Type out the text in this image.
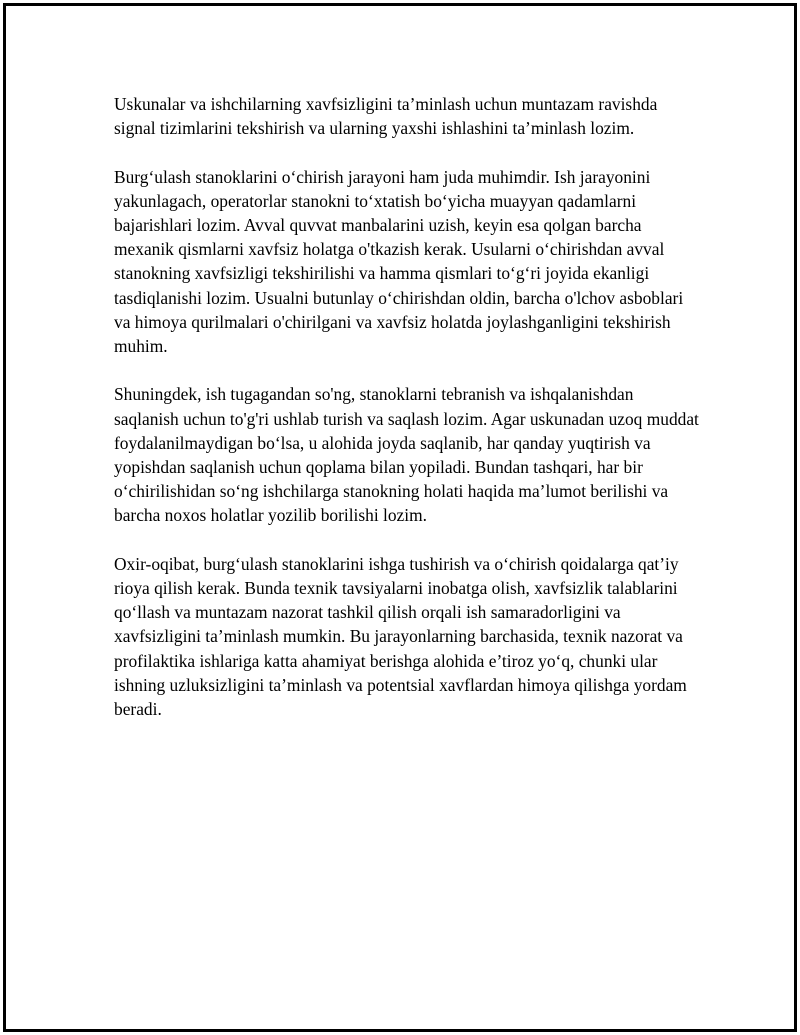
Uskunalar va ishchilarning xavfsizligini ta’minlash uchun muntazam ravishda signal tizimlarini tekshirish va ularning yaxshi ishlashini ta’minlash lozim.

Burg‘ulash stanoklarini o‘chirish jarayoni ham juda muhimdir. Ish jarayonini yakunlagach, operatorlar stanokni to‘xtatish bo‘yicha muayyan qadamlarni bajarishlari lozim. Avval quvvat manbalarini uzish, keyin esa qolgan barcha mexanik qismlarni xavfsiz holatga o'tkazish kerak. Usularni o‘chirishdan avval stanokning xavfsizligi tekshirilishi va hamma qismlari to‘g‘ri joyida ekanligi tasdiqlanishi lozim. Usualni butunlay o‘chirishdan oldin, barcha o'lchov asboblari va himoya qurilmalari o'chirilgani va xavfsiz holatda joylashganligini tekshirish muhim.

Shuningdek, ish tugagandan so'ng, stanoklarni tebranish va ishqalanishdan saqlanish uchun to'g'ri ushlab turish va saqlash lozim. Agar uskunadan uzoq muddat foydalanilmaydigan bo‘lsa, u alohida joyda saqlanib, har qanday yuqtirish va yopishdan saqlanish uchun qoplama bilan yopiladi. Bundan tashqari, har bir o‘chirilishidan so‘ng ishchilarga stanokning holati haqida ma’lumot berilishi va barcha noxos holatlar yozilib borilishi lozim.

Oxir-oqibat, burg‘ulash stanoklarini ishga tushirish va o‘chirish qoidalarga qat’iy rioya qilish kerak. Bunda texnik tavsiyalarni inobatga olish, xavfsizlik talablarini qo‘llash va muntazam nazorat tashkil qilish orqali ish samaradorligini va xavfsizligini ta’minlash mumkin. Bu jarayonlarning barchasida, texnik nazorat va profilaktika ishlariga katta ahamiyat berishga alohida e’tiroz yo‘q, chunki ular ishning uzluksizligini ta’minlash va potentsial xavflardan himoya qilishga yordam beradi.
